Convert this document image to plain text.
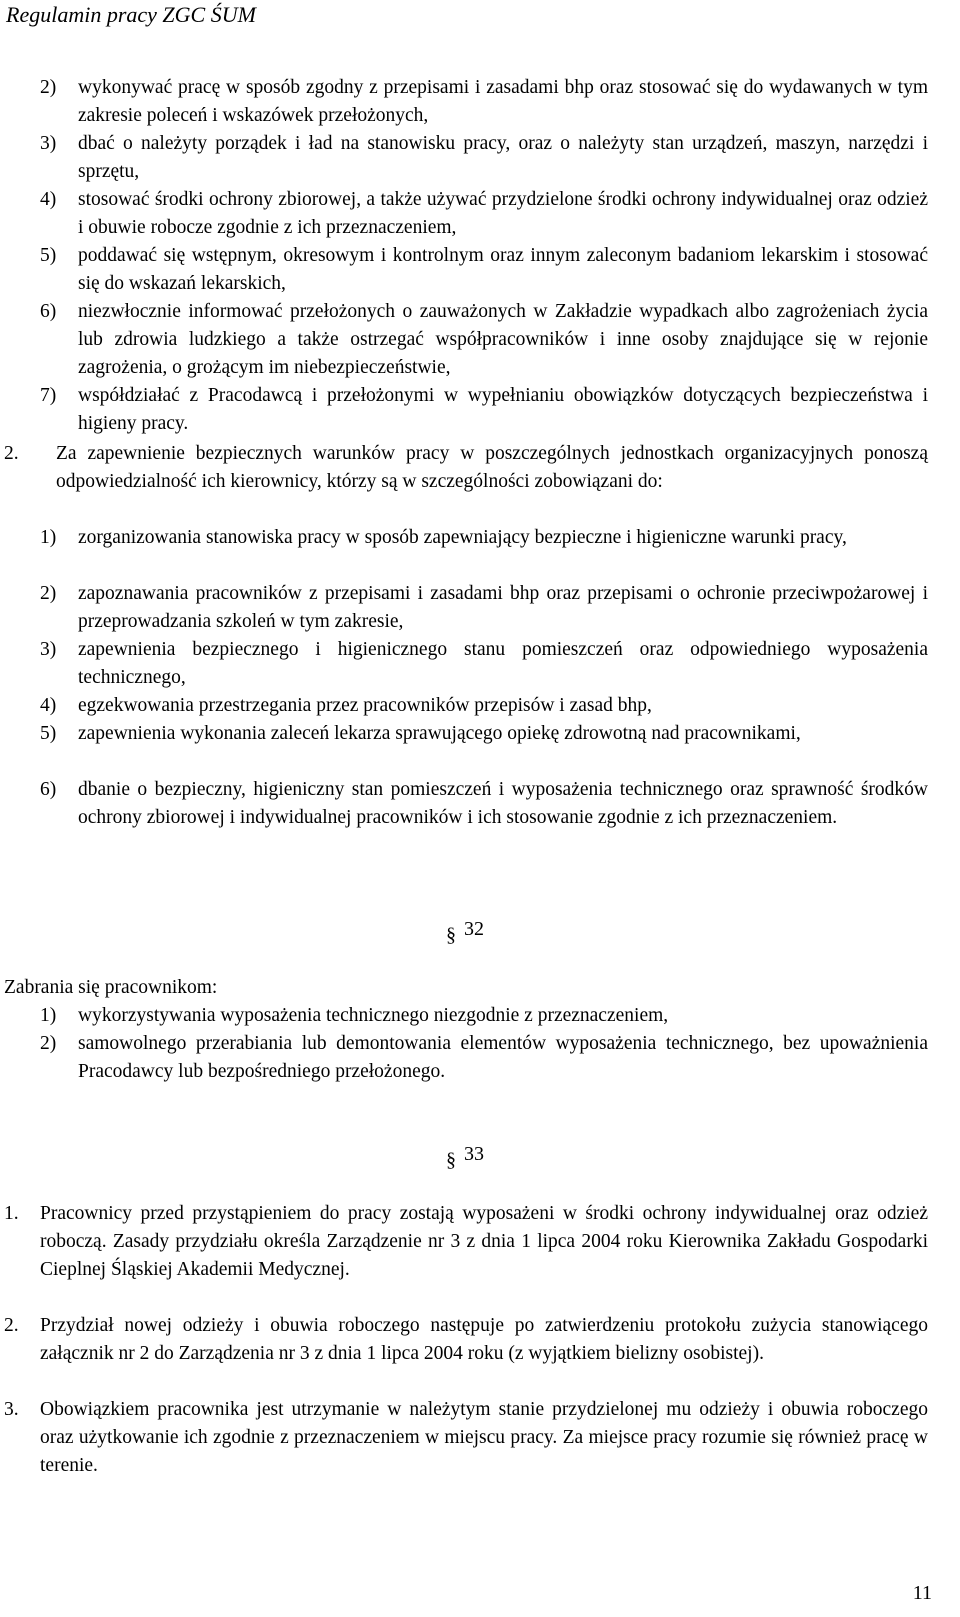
Regulamin pracy ZGC ŚUM
2)	wykonywać pracę w sposób zgodny z przepisami i zasadami bhp oraz stosować się do wydawanych w tym zakresie poleceń i wskazówek przełożonych,
3)	dbać o należyty porządek i ład na stanowisku pracy, oraz o należyty stan urządzeń, maszyn, narzędzi i sprzętu,
4)	stosować środki ochrony zbiorowej, a także używać przydzielone środki ochrony indywidualnej oraz odzież i obuwie robocze zgodnie z ich przeznaczeniem,
5)	poddawać się wstępnym, okresowym i kontrolnym oraz innym zaleconym badaniom lekarskim i stosować się do wskazań lekarskich,
6)	niezwłocznie informować przełożonych o zauważonych w Zakładzie wypadkach albo zagrożeniach życia lub zdrowia ludzkiego a także ostrzegać współpracowników i inne osoby znajdujące się w rejonie zagrożenia, o grożącym im niebezpieczeństwie,
7)	współdziałać z Pracodawcą i przełożonymi w wypełnianiu obowiązków dotyczących bezpieczeństwa i higieny pracy.
2.	Za zapewnienie bezpiecznych warunków pracy w poszczególnych jednostkach organizacyjnych ponoszą odpowiedzialność ich kierownicy, którzy są w szczególności zobowiązani do:
1)	zorganizowania stanowiska pracy w sposób zapewniający bezpieczne i higieniczne warunki pracy,
2)	zapoznawania pracowników z przepisami i zasadami bhp oraz przepisami o ochronie przeciwpożarowej i przeprowadzania szkoleń w tym zakresie,
3)	zapewnienia bezpiecznego i higienicznego stanu pomieszczeń oraz odpowiedniego wyposażenia technicznego,
4)	egzekwowania przestrzegania przez pracowników przepisów i zasad bhp,
5)	zapewnienia wykonania zaleceń lekarza sprawującego opiekę zdrowotną nad pracownikami,
6)	dbanie o bezpieczny, higieniczny stan pomieszczeń i wyposażenia technicznego oraz sprawność środków ochrony zbiorowej i indywidualnej pracowników i ich stosowanie zgodnie z ich przeznaczeniem.
§ 32
Zabrania się pracownikom:
1)	wykorzystywania wyposażenia technicznego niezgodnie z przeznaczeniem,
2)	samowolnego przerabiania lub demontowania elementów wyposażenia technicznego, bez upoważnienia Pracodawcy lub bezpośredniego przełożonego.
§ 33
1.	Pracownicy przed przystąpieniem do pracy zostają wyposażeni w środki ochrony indywidualnej oraz odzież roboczą. Zasady przydziału określa Zarządzenie nr 3 z dnia 1 lipca 2004 roku Kierownika Zakładu Gospodarki Cieplnej Śląskiej Akademii Medycznej.
2.	Przydział nowej odzieży i obuwia roboczego następuje po zatwierdzeniu protokołu zużycia stanowiącego załącznik nr 2 do Zarządzenia nr 3 z dnia 1 lipca 2004 roku (z wyjątkiem bielizny osobistej).
3.	Obowiązkiem pracownika jest utrzymanie w należytym stanie przydzielonej mu odzieży i obuwia roboczego oraz użytkowanie ich zgodnie z przeznaczeniem w miejscu pracy. Za miejsce pracy rozumie się również pracę w terenie.
11
